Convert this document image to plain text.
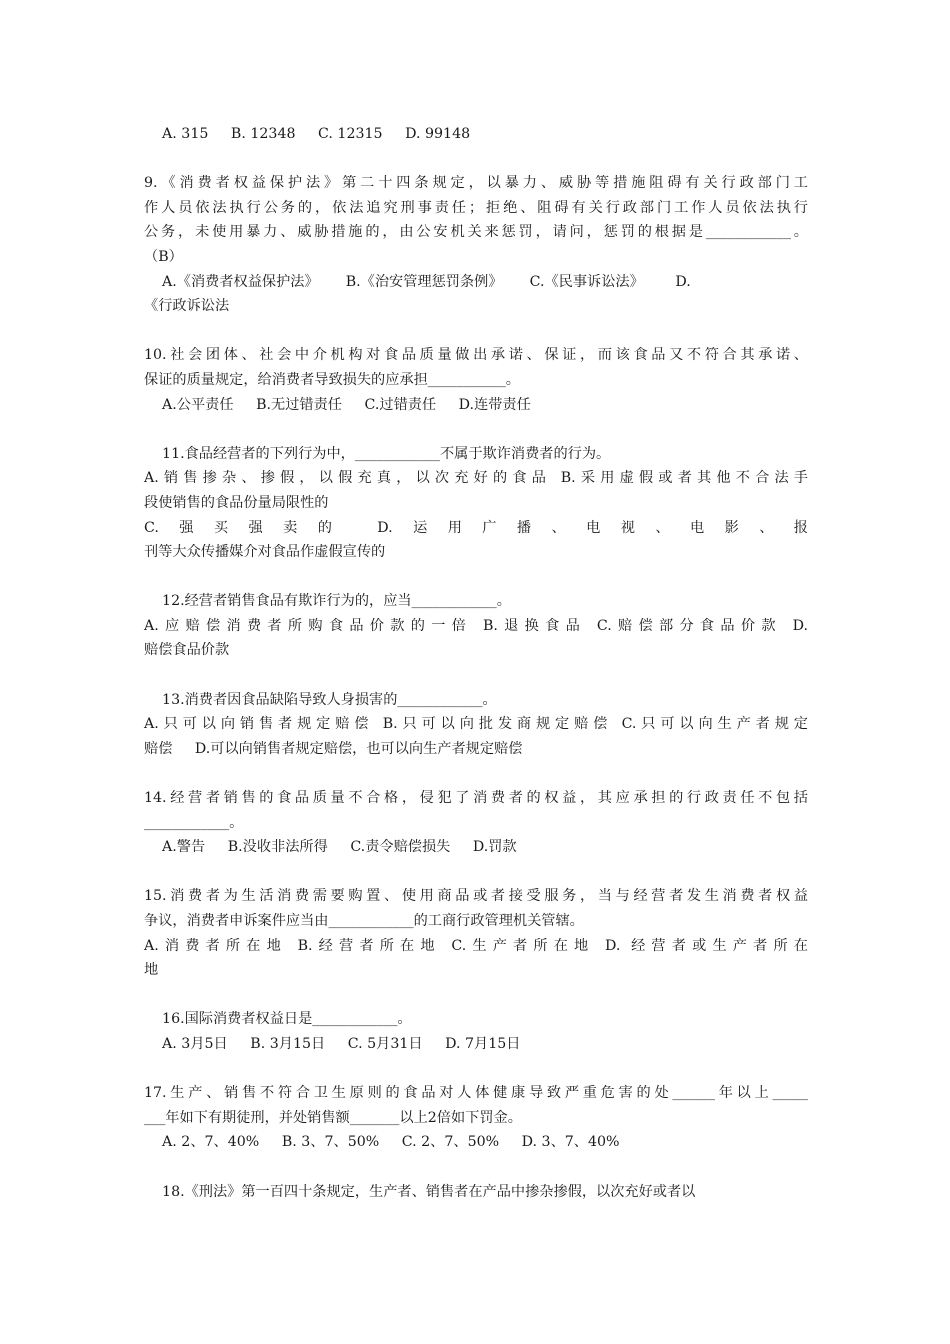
A. 315     B. 12348     C. 12315     D. 99148
9.《消费者权益保护法》第二十四条规定，以暴力、威胁等措施阻碍有关行政部门工
作人员依法执行公务的，依法追究刑事责任；拒绝、阻碍有关行政部门工作人员依法执行
公务，未使用暴力、威胁措施的，由公安机关来惩罚，请问，惩罚的根据是____________。
（B）
A.《消费者权益保护法》      B.《治安管理惩罚条例》      C.《民事诉讼法》       D.
《行政诉讼法
10.社会团体、社会中介机构对食品质量做出承诺、保证，而该食品又不符合其承诺、
保证的质量规定，给消费者导致损失的应承担___________。
A.公平责任     B.无过错责任     C.过错责任     D.连带责任
11.食品经营者的下列行为中，____________不属于欺诈消费者的行为。
A.销售掺杂、掺假，以假充真，以次充好的食品 B.采用虚假或者其他不合法手
段使销售的食品份量局限性的
C.强买强卖的 D.运用广播、电视、电影、报
刊等大众传播媒介对食品作虚假宣传的
12.经营者销售食品有欺诈行为的，应当____________。
A.应赔偿消费者所购食品价款的一倍 B.退换食品 C.赔偿部分食品价款 D.
赔偿食品价款
13.消费者因食品缺陷导致人身损害的____________。
A.只可以向销售者规定赔偿 B.只可以向批发商规定赔偿 C.只可以向生产者规定
赔偿     D.可以向销售者规定赔偿，也可以向生产者规定赔偿
14.经营者销售的食品质量不合格，侵犯了消费者的权益，其应承担的行政责任不包括
____________。
A.警告     B.没收非法所得     C.责令赔偿损失     D.罚款
15.消费者为生活消费需要购置、使用商品或者接受服务，当与经营者发生消费者权益
争议，消费者申诉案件应当由____________的工商行政管理机关管辖。
A.消费者所在地 B.经营者所在地 C.生产者所在地 D. 经营者或生产者所在
地
16.国际消费者权益日是____________。
A. 3月5日     B. 3月15日     C. 5月31日     D. 7月15日
17.生产、销售不符合卫生原则的食品对人体健康导致严重危害的处______年以上_____
___年如下有期徒刑，并处销售额_______以上2倍如下罚金。
A. 2、7、40%     B. 3、7、50%     C. 2、7、50%     D. 3、7、40%
18.《刑法》第一百四十条规定，生产者、销售者在产品中掺杂掺假，以次充好或者以
